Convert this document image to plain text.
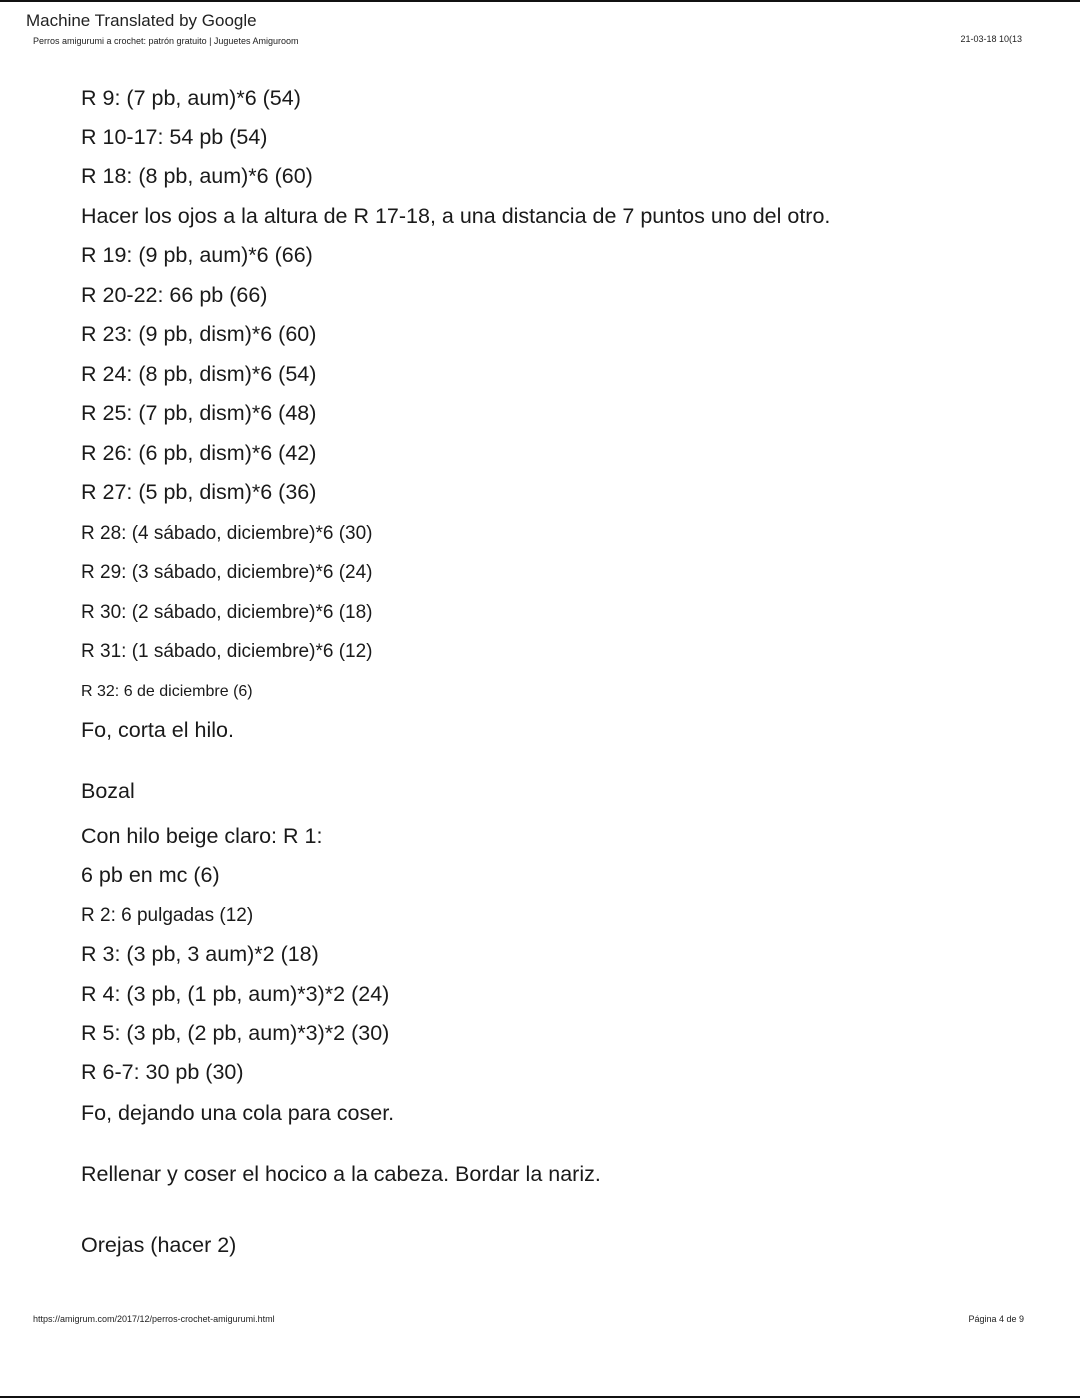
Machine Translated by Google
Perros amigurumi a crochet: patrón gratuito | Juguetes Amiguroom	21-03-18 10(13
R 9: (7 pb, aum)*6 (54)
R 10-17: 54 pb (54)
R 18: (8 pb, aum)*6 (60)
Hacer los ojos a la altura de R 17-18, a una distancia de 7 puntos uno del otro.
R 19: (9 pb, aum)*6 (66)
R 20-22: 66 pb (66)
R 23: (9 pb, dism)*6 (60)
R 24: (8 pb, dism)*6 (54)
R 25: (7 pb, dism)*6 (48)
R 26: (6 pb, dism)*6 (42)
R 27: (5 pb, dism)*6 (36)
R 28: (4 sábado, diciembre)*6 (30)
R 29: (3 sábado, diciembre)*6 (24)
R 30: (2 sábado, diciembre)*6 (18)
R 31: (1 sábado, diciembre)*6 (12)
R 32: 6 de diciembre (6)
Fo, corta el hilo.
Bozal
Con hilo beige claro: R 1:
6 pb en mc (6)
R 2: 6 pulgadas (12)
R 3: (3 pb, 3 aum)*2 (18)
R 4: (3 pb, (1 pb, aum)*3)*2 (24)
R 5: (3 pb, (2 pb, aum)*3)*2 (30)
R 6-7: 30 pb (30)
Fo, dejando una cola para coser.
Rellenar y coser el hocico a la cabeza. Bordar la nariz.
Orejas (hacer 2)
https://amigrum.com/2017/12/perros-crochet-amigurumi.html	Página 4 de 9
